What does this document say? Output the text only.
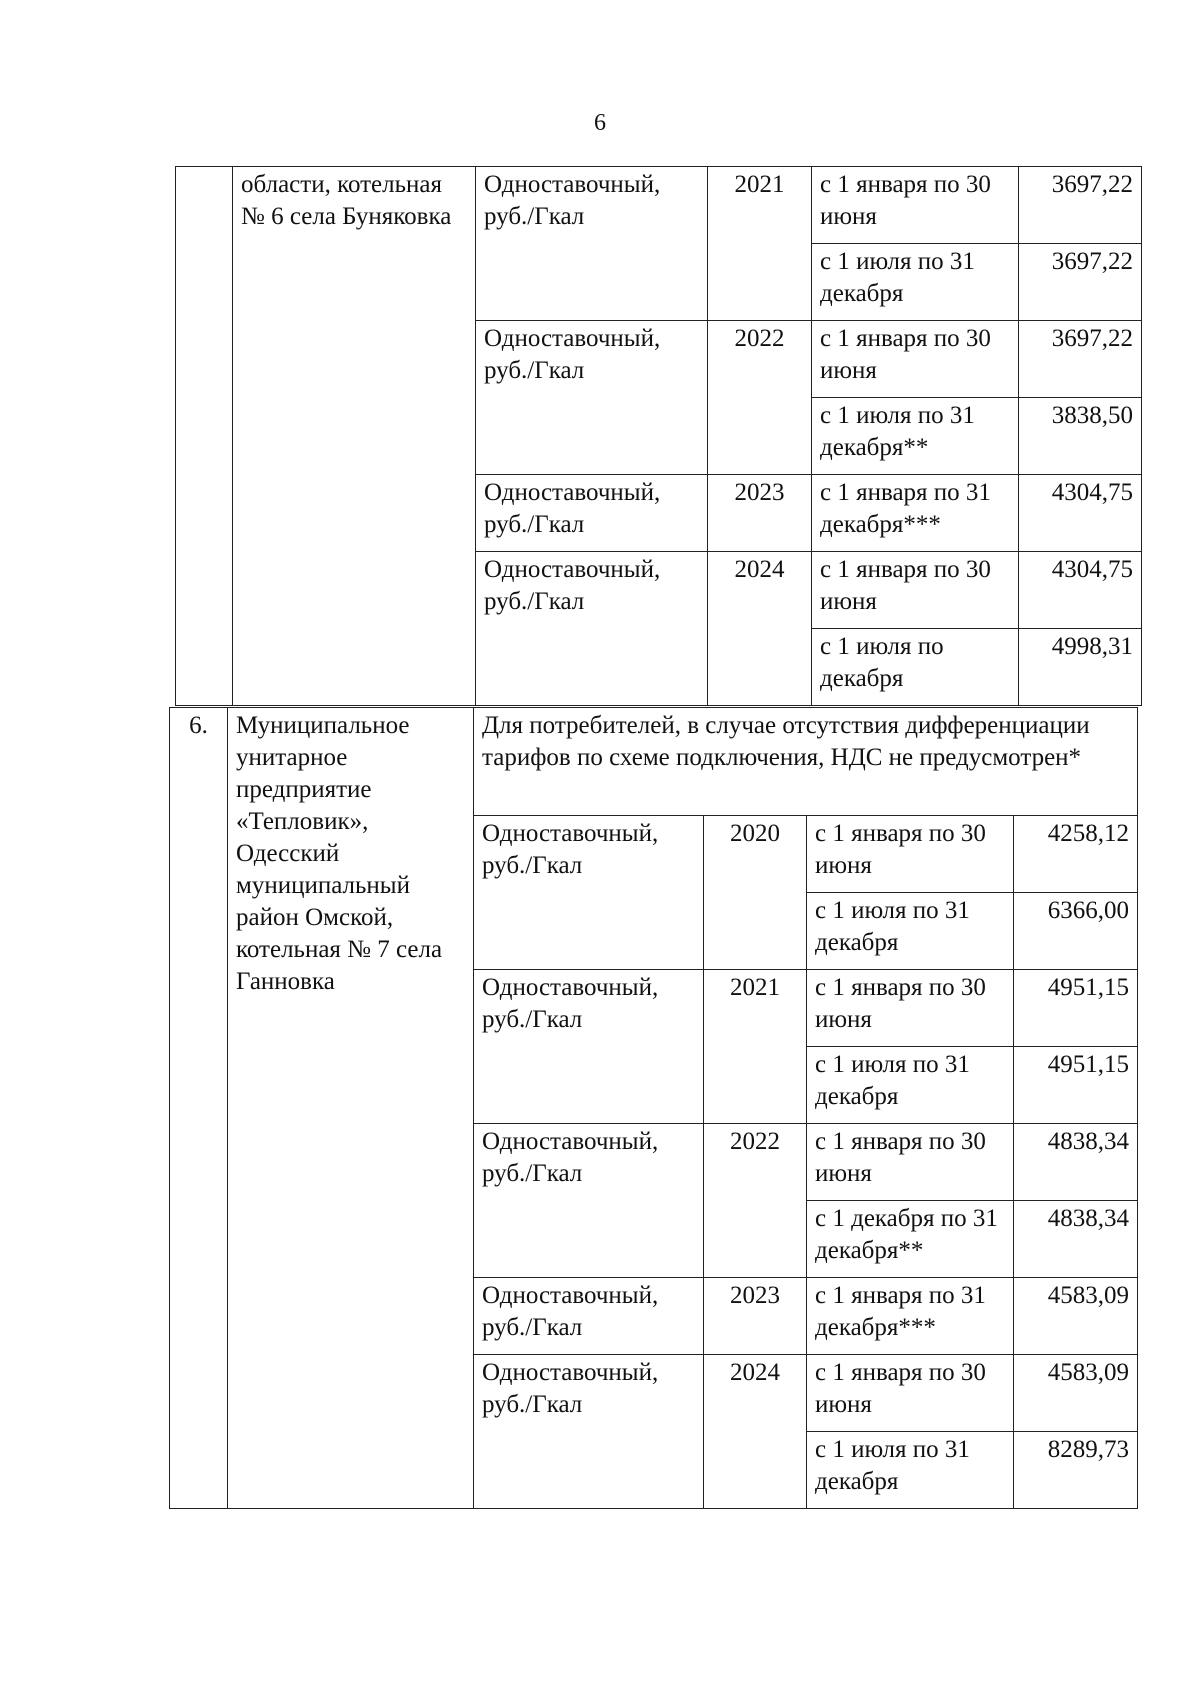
6
	области, котельная № 6 села Буняковка	Одноставочный, руб./Гкал	2021	с 1 января по 30 июня	3697,22
				с 1 июля по 31 декабря	3697,22
		Одноставочный, руб./Гкал	2022	с 1 января по 30 июня	3697,22
				с 1 июля по 31 декабря**	3838,50
		Одноставочный, руб./Гкал	2023	с 1 января по 31 декабря***	4304,75
		Одноставочный, руб./Гкал	2024	с 1 января по 30 июня	4304,75
				с 1 июля по декабря	4998,31
6.	Муниципальное унитарное предприятие «Тепловик», Одесский муниципальный район Омской, котельная № 7 села Ганновка	Для потребителей, в случае отсутствия дифференциации тарифов по схеме подключения, НДС не предусмотрен*			
		Одноставочный, руб./Гкал	2020	с 1 января по 30 июня	4258,12
				с 1 июля по 31 декабря	6366,00
		Одноставочный, руб./Гкал	2021	с 1 января по 30 июня	4951,15
				с 1 июля по 31 декабря	4951,15
		Одноставочный, руб./Гкал	2022	с 1 января по 30 июня	4838,34
				с 1 декабря по 31 декабря**	4838,34
		Одноставочный, руб./Гкал	2023	с 1 января по 31 декабря***	4583,09
		Одноставочный, руб./Гкал	2024	с 1 января по 30 июня	4583,09
				с 1 июля по 31 декабря	8289,73
